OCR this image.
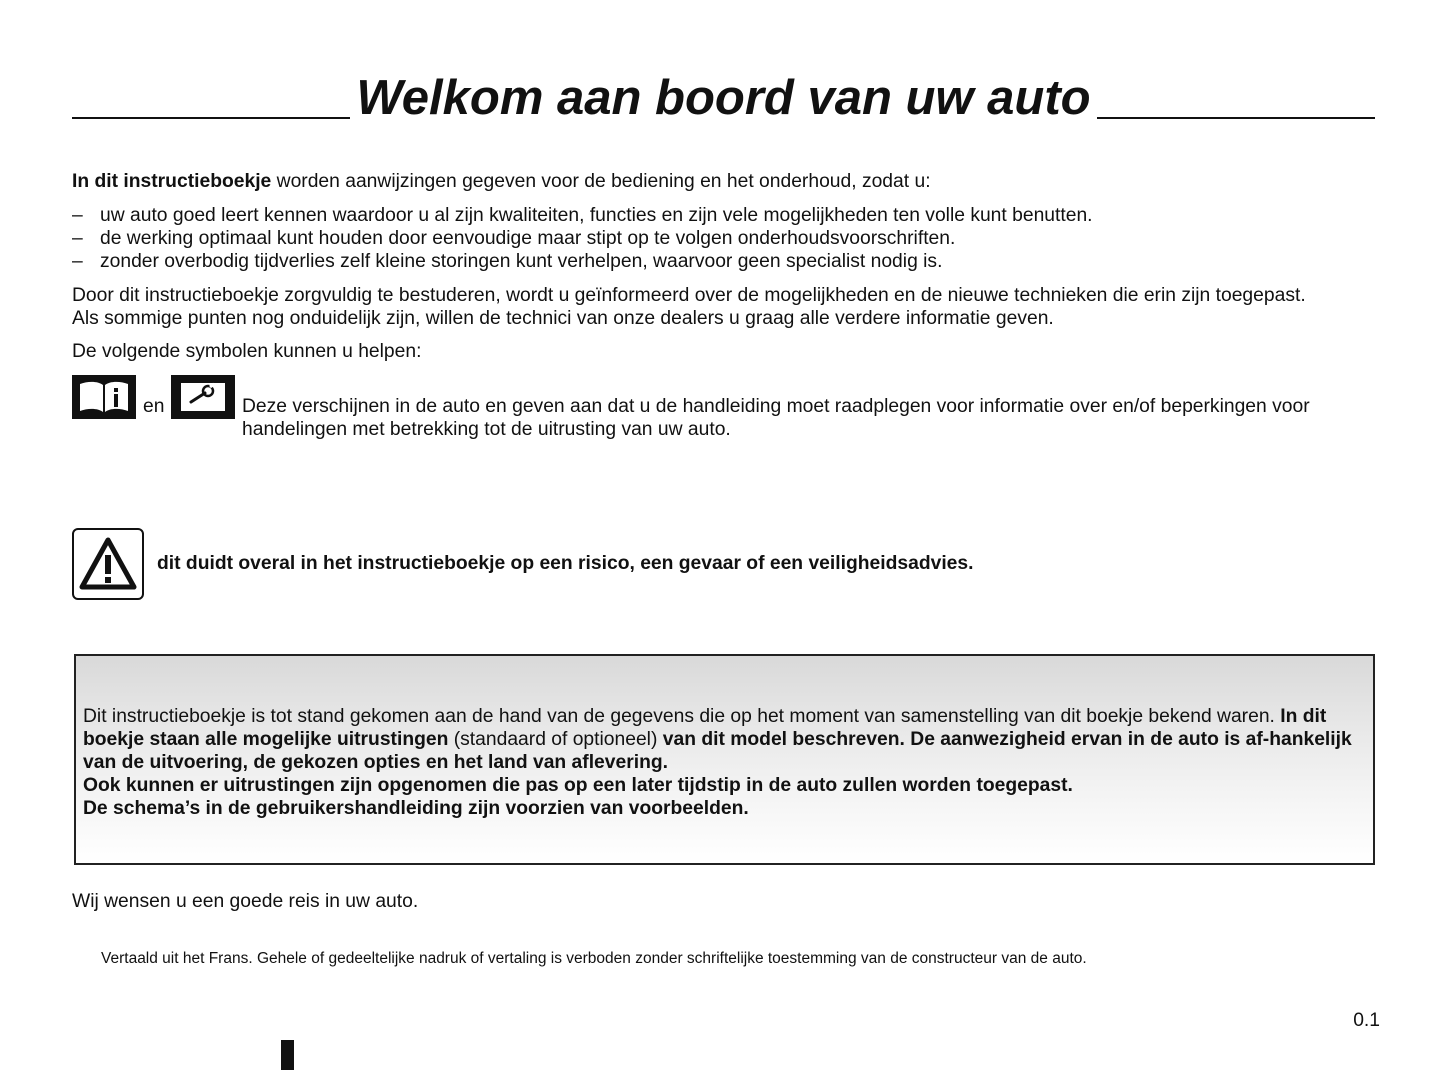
Welkom aan boord van uw auto
In dit instructieboekje worden aanwijzingen gegeven voor de bediening en het onderhoud, zodat u:
– uw auto goed leert kennen waardoor u al zijn kwaliteiten, functies en zijn vele mogelijkheden ten volle kunt benutten.
– de werking optimaal kunt houden door eenvoudige maar stipt op te volgen onderhoudsvoorschriften.
– zonder overbodig tijdverlies zelf kleine storingen kunt verhelpen, waarvoor geen specialist nodig is.
Door dit instructieboekje zorgvuldig te bestuderen, wordt u geïnformeerd over de mogelijkheden en de nieuwe technieken die erin zijn toegepast.
Als sommige punten nog onduidelijk zijn, willen de technici van onze dealers u graag alle verdere informatie geven.
De volgende symbolen kunnen u helpen:
en	Deze verschijnen in de auto en geven aan dat u de handleiding moet raadplegen voor informatie over en/of beperkingen voor handelingen met betrekking tot de uitrusting van uw auto.
dit duidt overal in het instructieboekje op een risico, een gevaar of een veiligheidsadvies.
Dit instructieboekje is tot stand gekomen aan de hand van de gegevens die op het moment van samenstelling van dit boekje bekend waren. In dit boekje staan alle mogelijke uitrustingen (standaard of optioneel) van dit model beschreven. De aanwezigheid ervan in de auto is af-hankelijk van de uitvoering, de gekozen opties en het land van aflevering.
Ook kunnen er uitrustingen zijn opgenomen die pas op een later tijdstip in de auto zullen worden toegepast.
De schema’s in de gebruikershandleiding zijn voorzien van voorbeelden.
Wij wensen u een goede reis in uw auto.
Vertaald uit het Frans. Gehele of gedeeltelijke nadruk of vertaling is verboden zonder schriftelijke toestemming van de constructeur van de auto.
0.1
